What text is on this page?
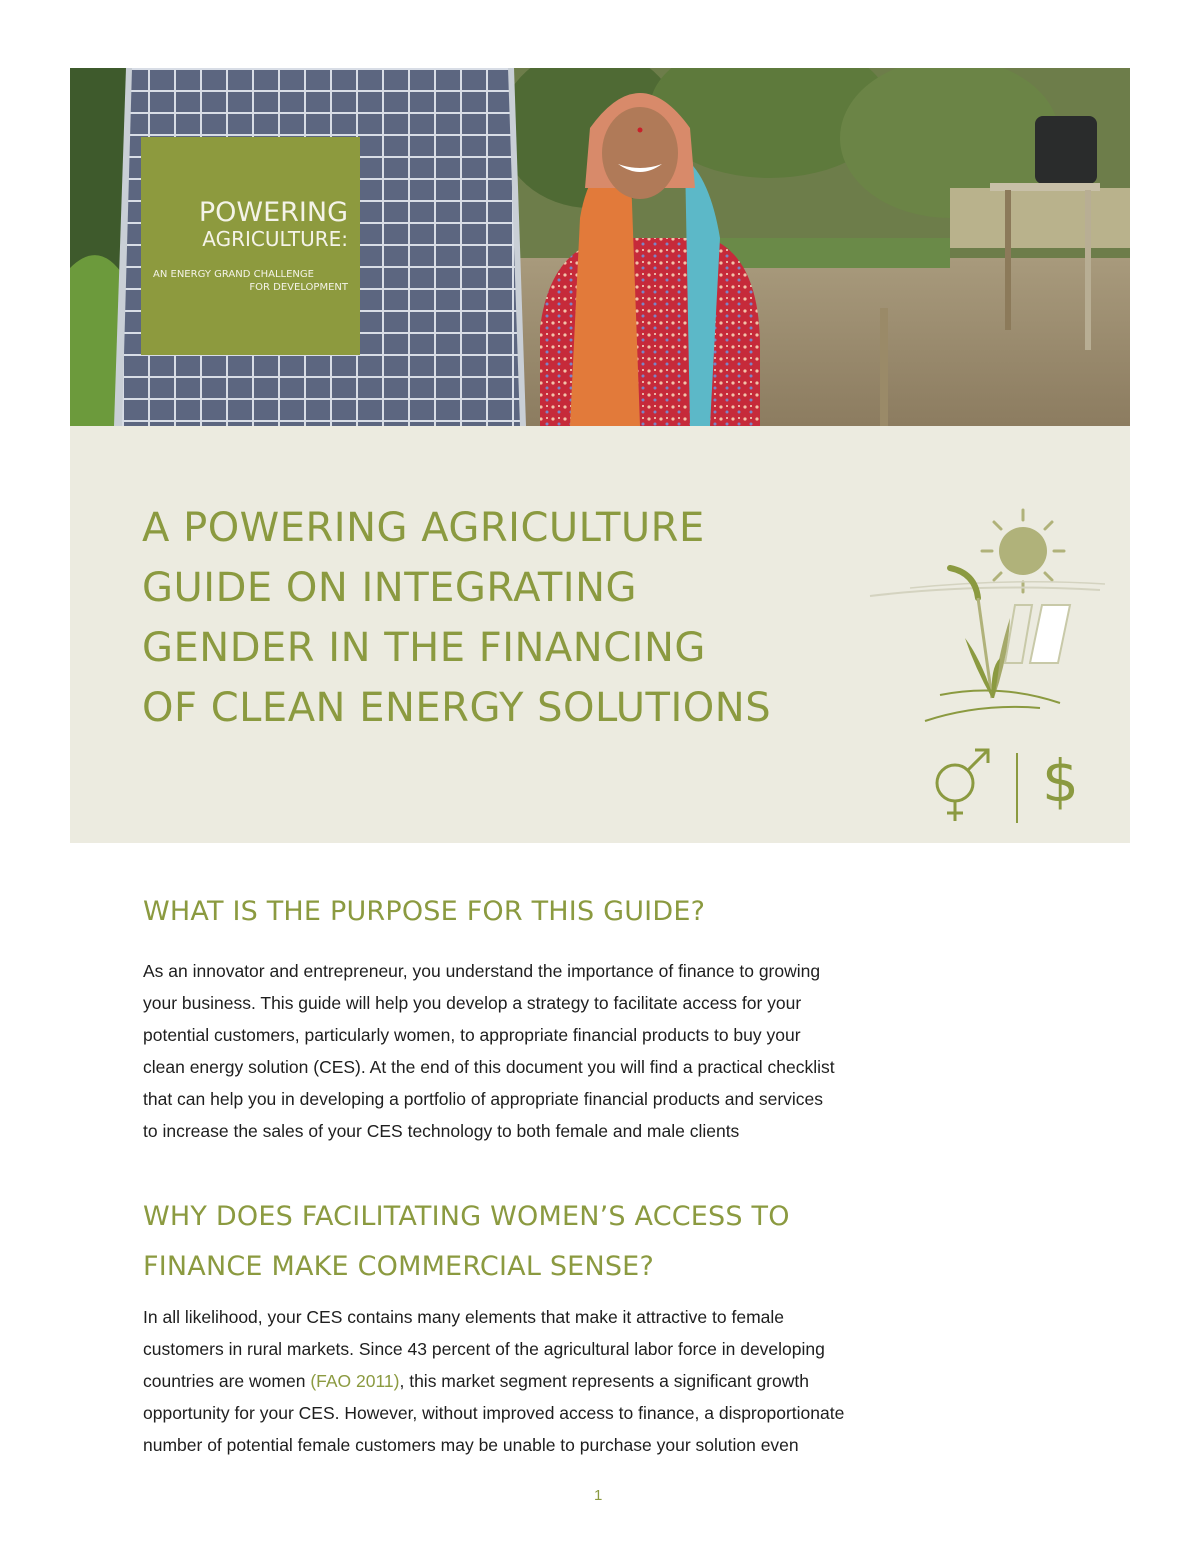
POWERING
AGRICULTURE:
AN ENERGY GRAND CHALLENGE
FOR DEVELOPMENT
A POWERING AGRICULTURE
GUIDE ON INTEGRATING
GENDER IN THE FINANCING
OF CLEAN ENERGY SOLUTIONS
$
WHAT IS THE PURPOSE FOR THIS GUIDE?
As an innovator and entrepreneur, you understand the importance of finance to growing
your business. This guide will help you develop a strategy to facilitate access for your
potential customers, particularly women, to appropriate financial products to buy your
clean energy solution (CES). At the end of this document you will find a practical checklist
that can help you in developing a portfolio of appropriate financial products and services
to increase the sales of your CES technology to both female and male clients
WHY DOES FACILITATING WOMEN’S ACCESS TO
FINANCE MAKE COMMERCIAL SENSE?
In all likelihood, your CES contains many elements that make it attractive to female
customers in rural markets. Since 43 percent of the agricultural labor force in developing
countries are women (FAO 2011), this market segment represents a significant growth
opportunity for your CES. However, without improved access to finance, a disproportionate
number of potential female customers may be unable to purchase your solution even
1
